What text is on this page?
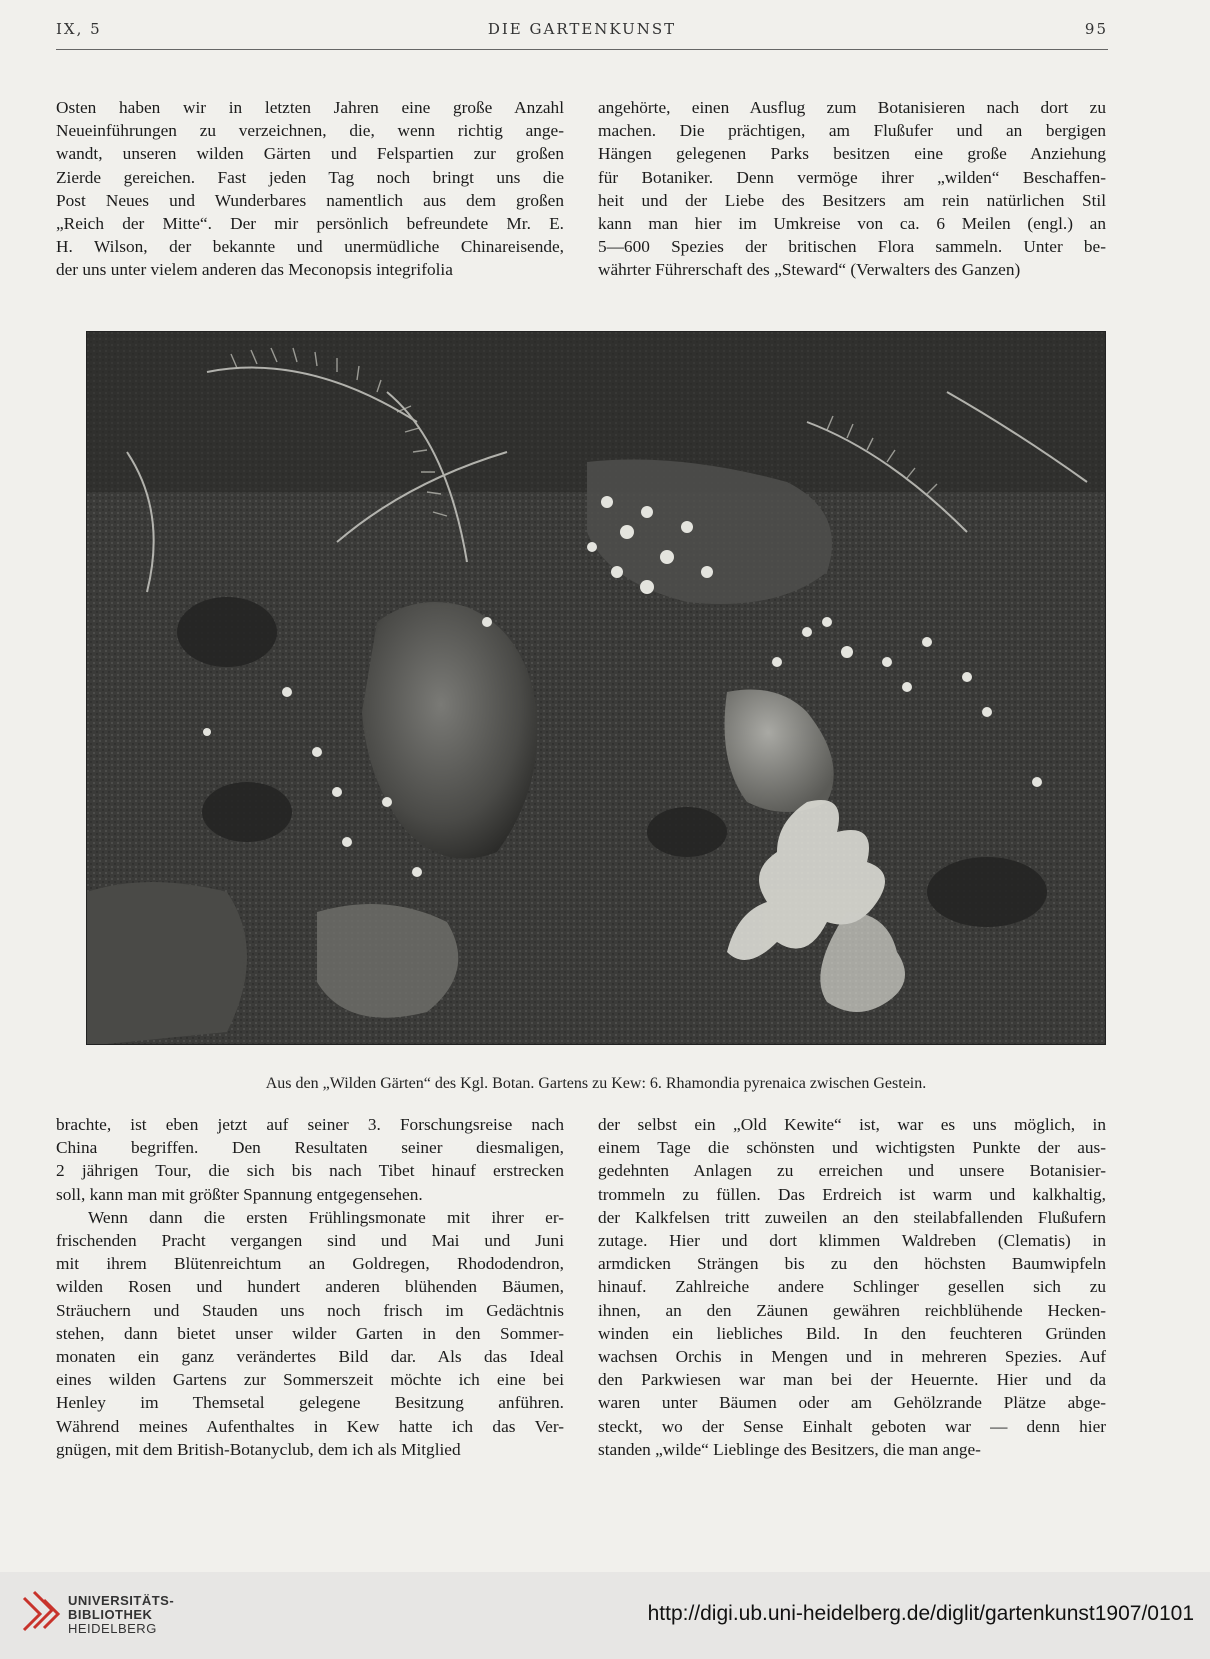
IX, 5	DIE GARTENKUNST	95
Osten haben wir in letzten Jahren eine große Anzahl
Neueinführungen zu verzeichnen, die, wenn richtig ange-
wandt, unseren wilden Gärten und Felspartien zur großen
Zierde gereichen. Fast jeden Tag noch bringt uns die
Post Neues und Wunderbares namentlich aus dem großen
„Reich der Mitte“. Der mir persönlich befreundete Mr. E.
H. Wilson, der bekannte und unermüdliche Chinareisende,
der uns unter vielem anderen das Meconopsis integrifolia
angehörte, einen Ausflug zum Botanisieren nach dort zu
machen. Die prächtigen, am Flußufer und an bergigen
Hängen gelegenen Parks besitzen eine große Anziehung
für Botaniker. Denn vermöge ihrer „wilden“ Beschaffen-
heit und der Liebe des Besitzers am rein natürlichen Stil
kann man hier im Umkreise von ca. 6 Meilen (engl.) an
5—600 Spezies der britischen Flora sammeln. Unter be-
währter Führerschaft des „Steward“ (Verwalters des Ganzen)
Aus den „Wilden Gärten“ des Kgl. Botan. Gartens zu Kew: 6. Rhamondia pyrenaica zwischen Gestein.
brachte, ist eben jetzt auf seiner 3. Forschungsreise nach
China begriffen. Den Resultaten seiner diesmaligen,
2 jährigen Tour, die sich bis nach Tibet hinauf erstrecken
soll, kann man mit größter Spannung entgegensehen.
Wenn dann die ersten Frühlingsmonate mit ihrer er-
frischenden Pracht vergangen sind und Mai und Juni
mit ihrem Blütenreichtum an Goldregen, Rhododendron,
wilden Rosen und hundert anderen blühenden Bäumen,
Sträuchern und Stauden uns noch frisch im Gedächtnis
stehen, dann bietet unser wilder Garten in den Sommer-
monaten ein ganz verändertes Bild dar. Als das Ideal
eines wilden Gartens zur Sommerszeit möchte ich eine bei
Henley im Themsetal gelegene Besitzung anführen.
Während meines Aufenthaltes in Kew hatte ich das Ver-
gnügen, mit dem British-Botanyclub, dem ich als Mitglied
der selbst ein „Old Kewite“ ist, war es uns möglich, in
einem Tage die schönsten und wichtigsten Punkte der aus-
gedehnten Anlagen zu erreichen und unsere Botanisier-
trommeln zu füllen. Das Erdreich ist warm und kalkhaltig,
der Kalkfelsen tritt zuweilen an den steilabfallenden Flußufern
zutage. Hier und dort klimmen Waldreben (Clematis) in
armdicken Strängen bis zu den höchsten Baumwipfeln
hinauf. Zahlreiche andere Schlinger gesellen sich zu
ihnen, an den Zäunen gewähren reichblühende Hecken-
winden ein liebliches Bild. In den feuchteren Gründen
wachsen Orchis in Mengen und in mehreren Spezies. Auf
den Parkwiesen war man bei der Heuernte. Hier und da
waren unter Bäumen oder am Gehölzrande Plätze abge-
steckt, wo der Sense Einhalt geboten war — denn hier
standen „wilde“ Lieblinge des Besitzers, die man ange-
UNIVERSITÄTS-
BIBLIOTHEK
HEIDELBERG
http://digi.ub.uni-heidelberg.de/diglit/gartenkunst1907/0101
